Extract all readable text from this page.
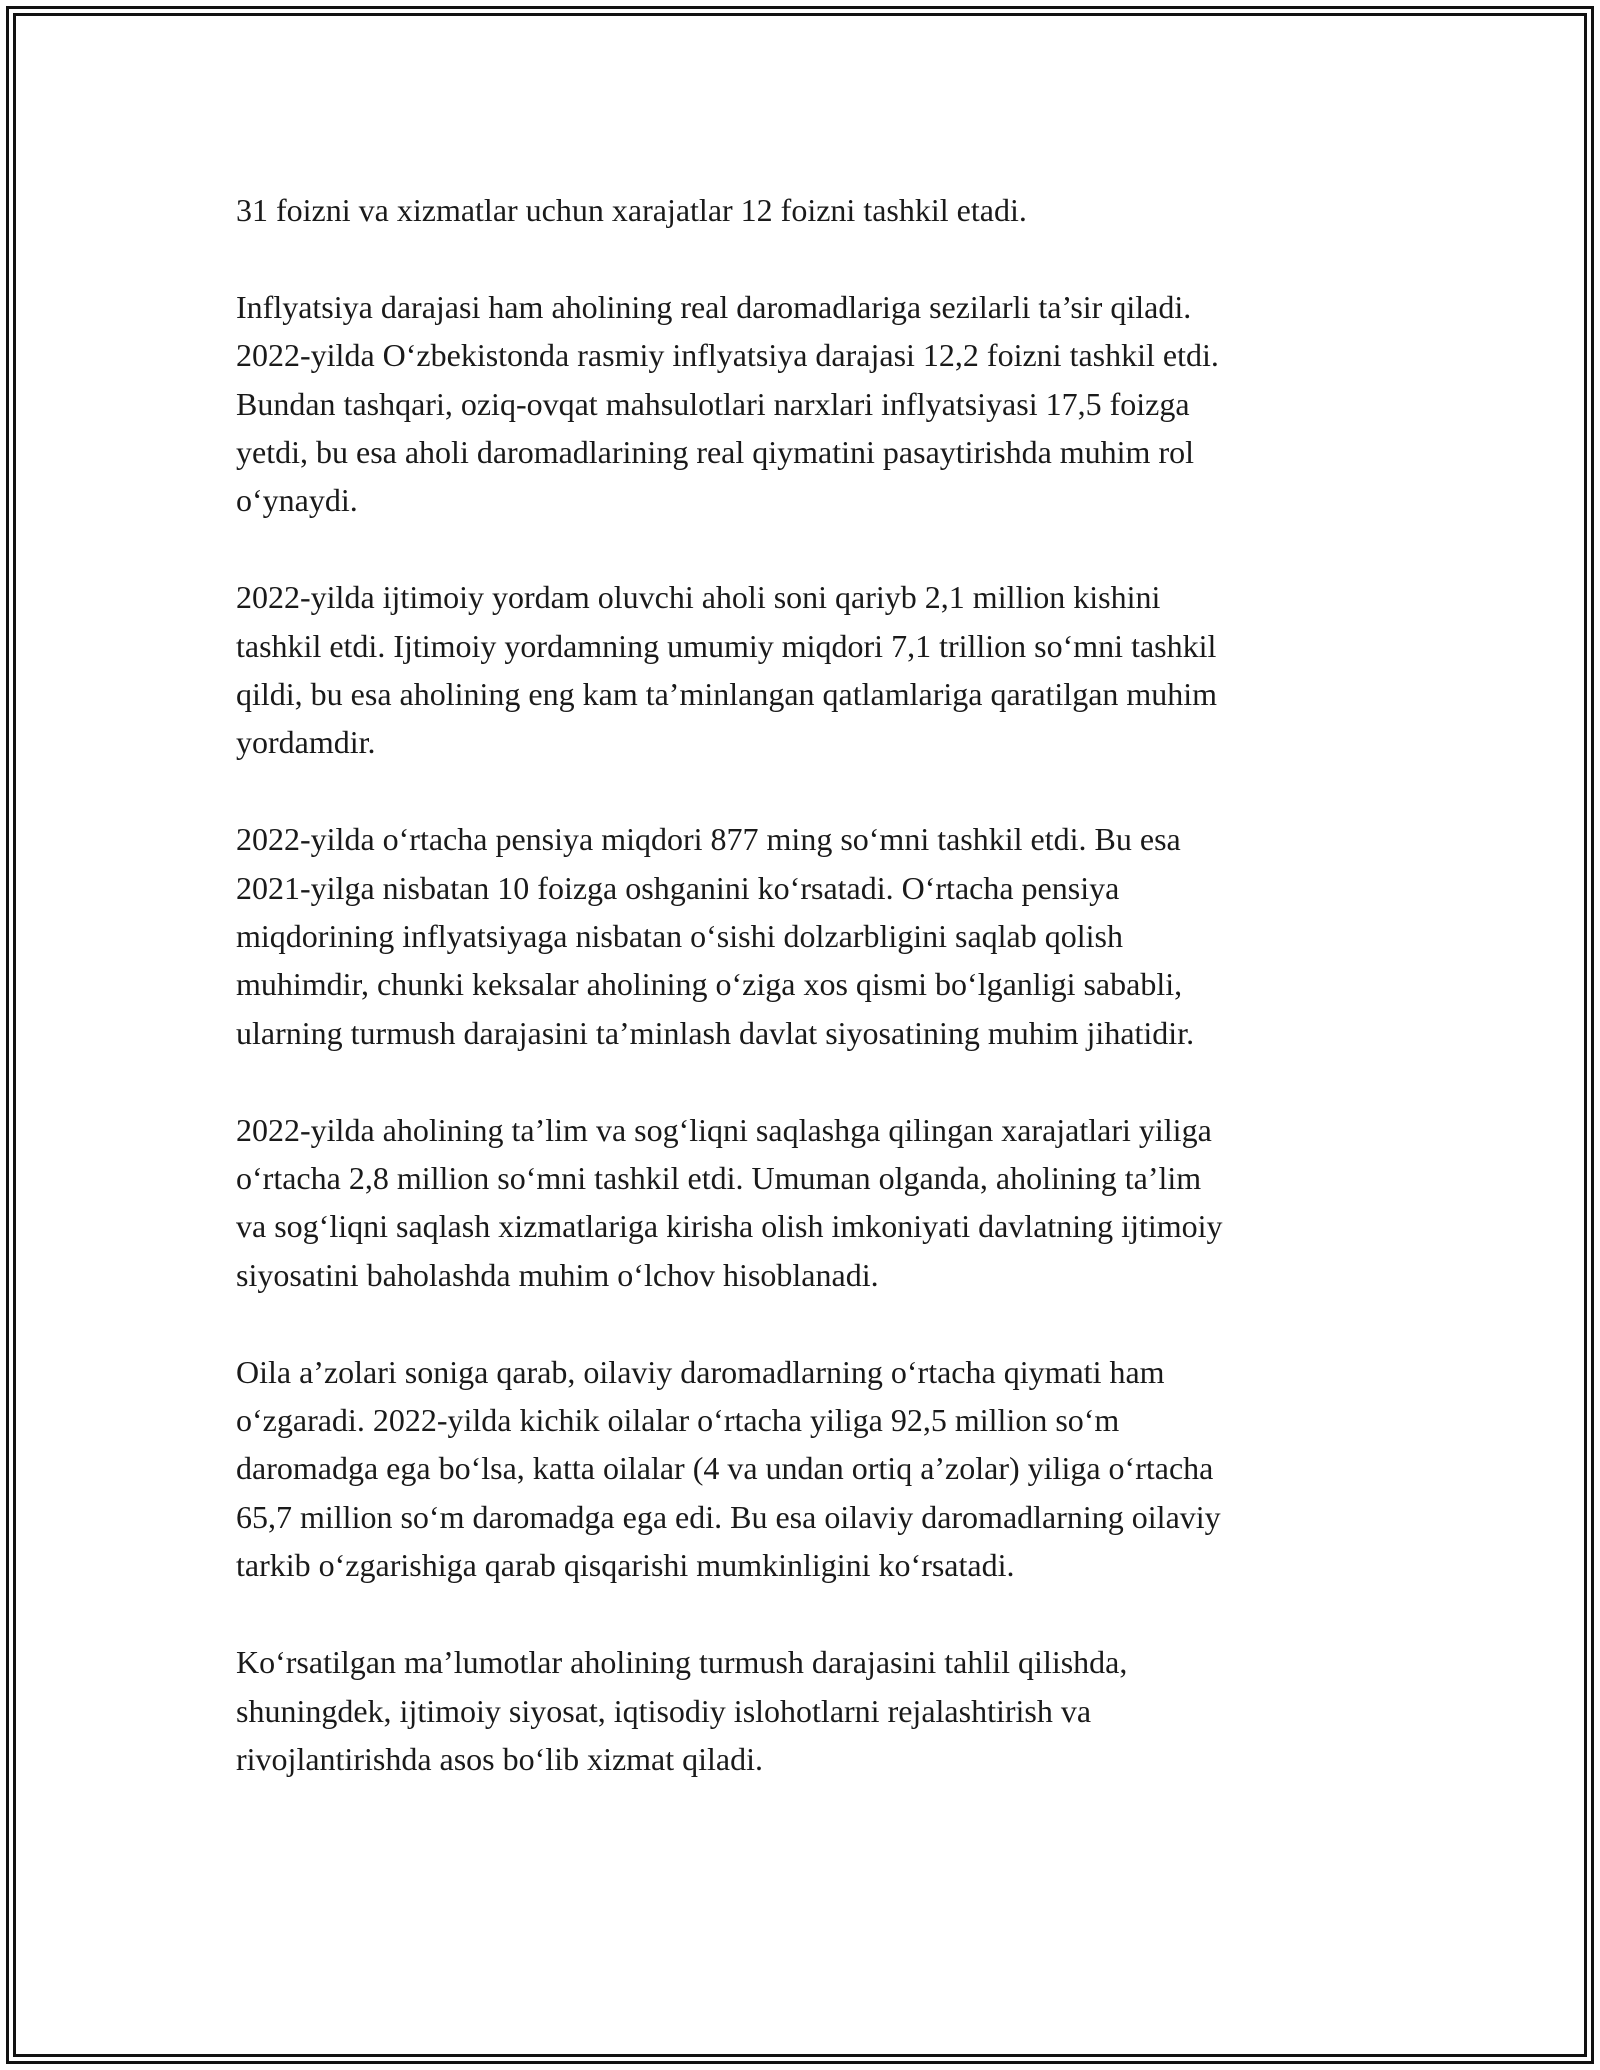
31 foizni va xizmatlar uchun xarajatlar 12 foizni tashkil etadi.

Inflyatsiya darajasi ham aholining real daromadlariga sezilarli ta’sir qiladi.
2022-yilda O‘zbekistonda rasmiy inflyatsiya darajasi 12,2 foizni tashkil etdi.
Bundan tashqari, oziq-ovqat mahsulotlari narxlari inflyatsiyasi 17,5 foizga
yetdi, bu esa aholi daromadlarining real qiymatini pasaytirishda muhim rol
o‘ynaydi.

2022-yilda ijtimoiy yordam oluvchi aholi soni qariyb 2,1 million kishini
tashkil etdi. Ijtimoiy yordamning umumiy miqdori 7,1 trillion so‘mni tashkil
qildi, bu esa aholining eng kam ta’minlangan qatlamlariga qaratilgan muhim
yordamdir.

2022-yilda o‘rtacha pensiya miqdori 877 ming so‘mni tashkil etdi. Bu esa
2021-yilga nisbatan 10 foizga oshganini ko‘rsatadi. O‘rtacha pensiya
miqdorining inflyatsiyaga nisbatan o‘sishi dolzarbligini saqlab qolish
muhimdir, chunki keksalar aholining o‘ziga xos qismi bo‘lganligi sababli,
ularning turmush darajasini ta’minlash davlat siyosatining muhim jihatidir.

2022-yilda aholining ta’lim va sog‘liqni saqlashga qilingan xarajatlari yiliga
o‘rtacha 2,8 million so‘mni tashkil etdi. Umuman olganda, aholining ta’lim
va sog‘liqni saqlash xizmatlariga kirisha olish imkoniyati davlatning ijtimoiy
siyosatini baholashda muhim o‘lchov hisoblanadi.

Oila a’zolari soniga qarab, oilaviy daromadlarning o‘rtacha qiymati ham
o‘zgaradi. 2022-yilda kichik oilalar o‘rtacha yiliga 92,5 million so‘m
daromadga ega bo‘lsa, katta oilalar (4 va undan ortiq a’zolar) yiliga o‘rtacha
65,7 million so‘m daromadga ega edi. Bu esa oilaviy daromadlarning oilaviy
tarkib o‘zgarishiga qarab qisqarishi mumkinligini ko‘rsatadi.

Ko‘rsatilgan ma’lumotlar aholining turmush darajasini tahlil qilishda,
shuningdek, ijtimoiy siyosat, iqtisodiy islohotlarni rejalashtirish va
rivojlantirishda asos bo‘lib xizmat qiladi.
